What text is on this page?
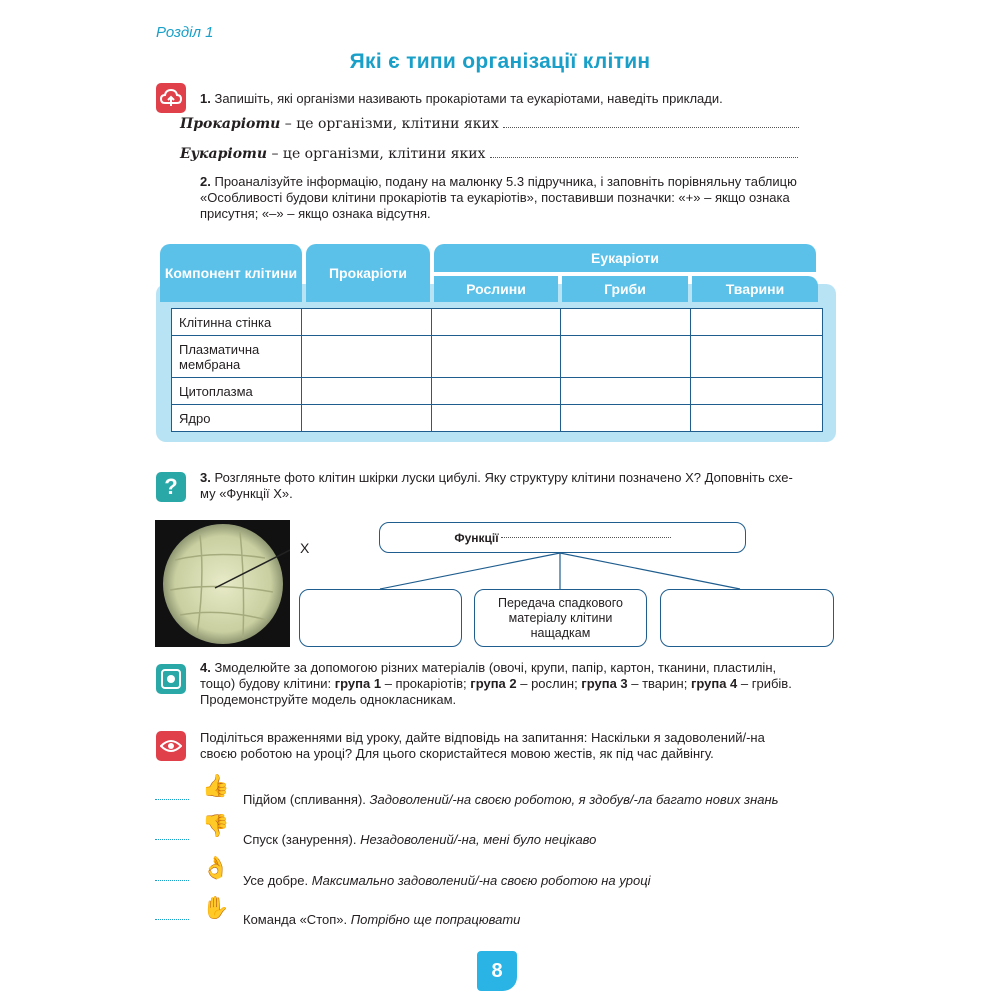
Розділ 1
Які є типи організації клітин
1. Запишіть, які організми називають прокаріотами та еукаріотами, наведіть приклади.
Прокаріоти – це організми, клітини яких
Еукаріоти – це організми, клітини яких
2. Проаналізуйте інформацію, подану на малюнку 5.3 підручника, і заповніть порівняльну таблицю
«Особливості будови клітини прокаріотів та еукаріотів», поставивши позначки: «+» – якщо ознака
присутня; «–» – якщо ознака відсутня.
Компонент клітини	Прокаріоти
Еукаріоти
Рослини	Гриби	Тварини
Клітинна стінка				
Плазматична мембрана				
Цитоплазма				
Ядро				
? 3. Розгляньте фото клітин шкірки луски цибулі. Яку структуру клітини позначено Х? Доповніть схе-
му «Функції Х».
Х
Функції
Передача спадкового матеріалу клітини нащадкам
4. Змоделюйте за допомогою різних матеріалів (овочі, крупи, папір, картон, тканини, пластилін,
тощо) будову клітини: група 1 – прокаріотів; група 2 – рослин; група 3 – тварин; група 4 – грибів.
Продемонструйте модель однокласникам.
Поділіться враженнями від уроку, дайте відповідь на запитання: Наскільки я задоволений/-на
своєю роботою на уроці? Для цього скористайтеся мовою жестів, як під час дайвінгу.
👍
Підйом (спливання). Задоволений/-на своєю роботою, я здобув/-ла багато нових знань
👎
Спуск (занурення). Незадоволений/-на, мені було нецікаво
👌
Усе добре. Максимально задоволений/-на своєю роботою на уроці
✋ Команда «Стоп». Потрібно ще попрацювати
8
